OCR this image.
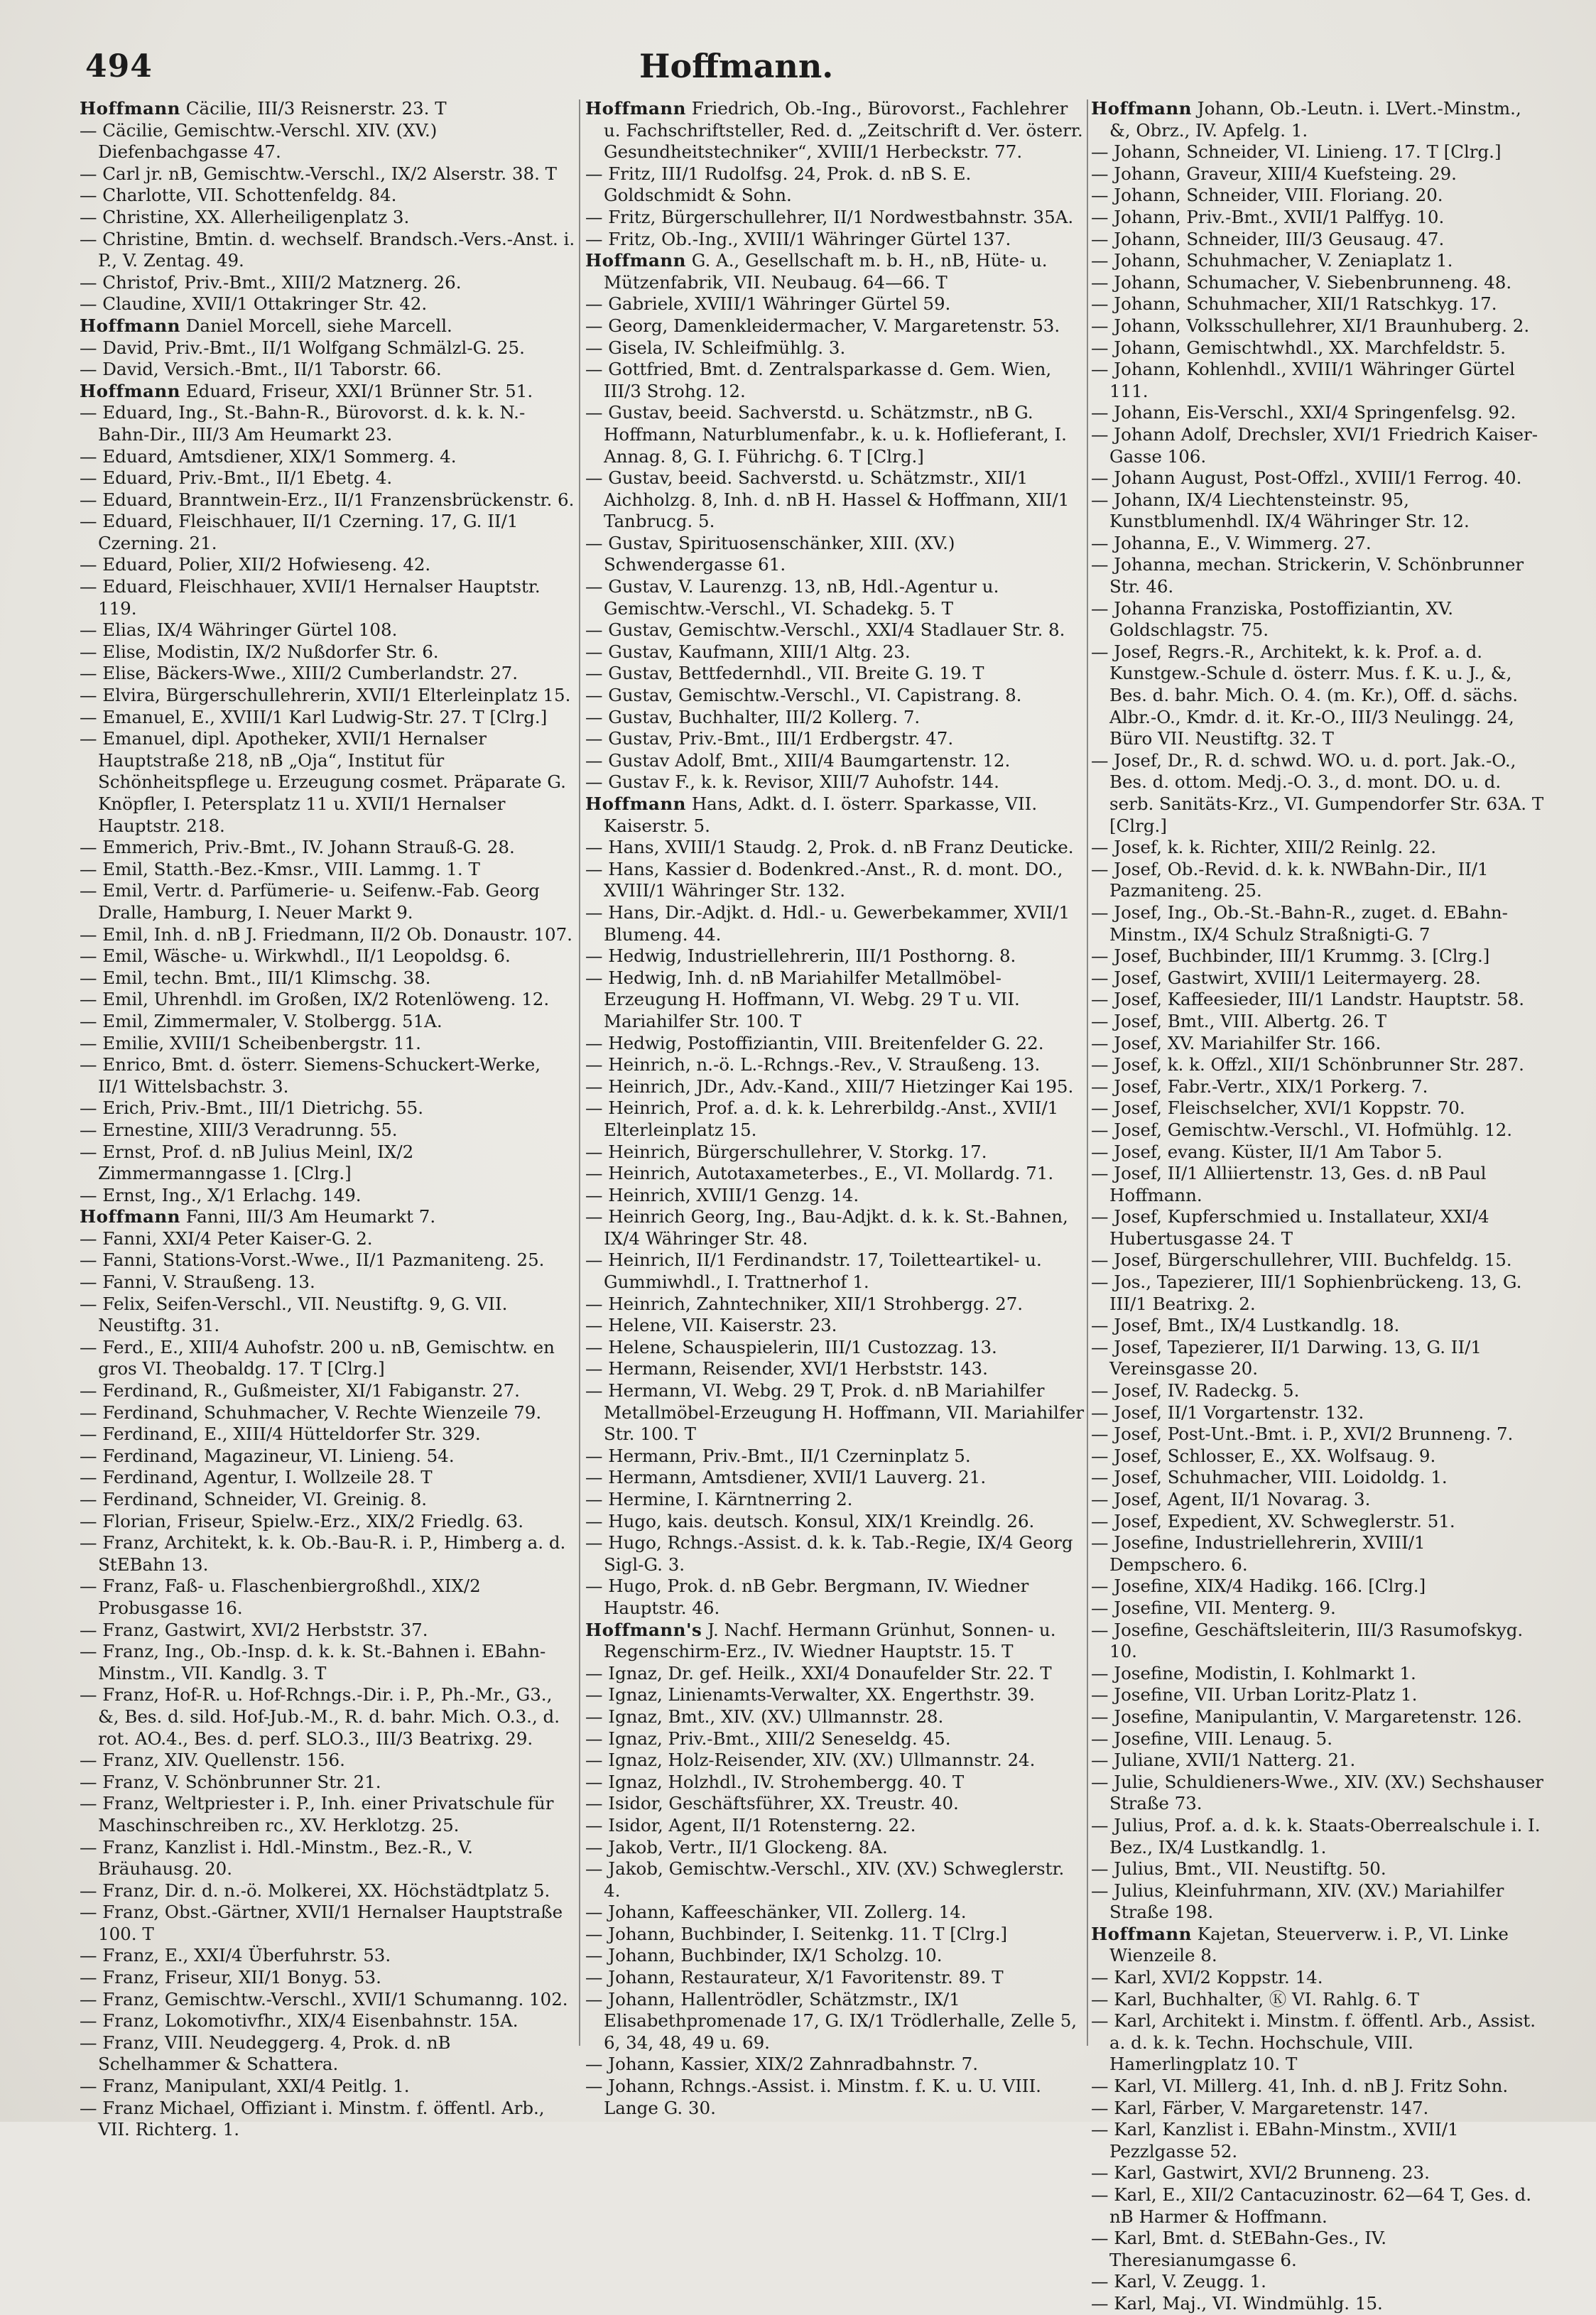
494	Hoffmann.

Hoffmann Cäcilie, III/3 Reisnerstr. 23. T

— Cäcilie, Gemischtw.-Verschl. XIV. (XV.) Diefenbachgasse 47.

— Carl jr. nB, Gemischtw.-Verschl., IX/2 Alserstr. 38. T

— Charlotte, VII. Schottenfeldg. 84.

— Christine, XX. Allerheiligenplatz 3.

— Christine, Bmtin. d. wechself. Brandsch.-Vers.-Anst. i. P., V. Zentag. 49.

— Christof, Priv.-Bmt., XIII/2 Matznerg. 26.

— Claudine, XVII/1 Ottakringer Str. 42.

Hoffmann Daniel Morcell, siehe Marcell.

— David, Priv.-Bmt., II/1 Wolfgang Schmälzl-G. 25.

— David, Versich.-Bmt., II/1 Taborstr. 66.

Hoffmann Eduard, Friseur, XXI/1 Brünner Str. 51.

— Eduard, Ing., St.-Bahn-R., Bürovorst. d. k. k. N.-Bahn-Dir., III/3 Am Heumarkt 23.

— Eduard, Amtsdiener, XIX/1 Sommerg. 4.

— Eduard, Priv.-Bmt., II/1 Ebetg. 4.

— Eduard, Branntwein-Erz., II/1 Franzensbrückenstr. 6.

— Eduard, Fleischhauer, II/1 Czerning. 17, G. II/1 Czerning. 21.

— Eduard, Polier, XII/2 Hofwieseng. 42.

— Eduard, Fleischhauer, XVII/1 Hernalser Hauptstr. 119.

— Elias, IX/4 Währinger Gürtel 108.

— Elise, Modistin, IX/2 Nußdorfer Str. 6.

— Elise, Bäckers-Wwe., XIII/2 Cumberlandstr. 27.

— Elvira, Bürgerschullehrerin, XVII/1 Elterleinplatz 15.

— Emanuel, E., XVIII/1 Karl Ludwig-Str. 27. T [Clrg.]

— Emanuel, dipl. Apotheker, XVII/1 Hernalser Hauptstraße 218, nB „Oja“, Institut für Schönheitspflege u. Erzeugung cosmet. Präparate G. Knöpfler, I. Petersplatz 11 u. XVII/1 Hernalser Hauptstr. 218.

— Emmerich, Priv.-Bmt., IV. Johann Strauß-G. 28.

— Emil, Statth.-Bez.-Kmsr., VIII. Lammg. 1. T

— Emil, Vertr. d. Parfümerie- u. Seifenw.-Fab. Georg Dralle, Hamburg, I. Neuer Markt 9.

— Emil, Inh. d. nB J. Friedmann, II/2 Ob. Donaustr. 107.

— Emil, Wäsche- u. Wirkwhdl., II/1 Leopoldsg. 6.

— Emil, techn. Bmt., III/1 Klimschg. 38.

— Emil, Uhrenhdl. im Großen, IX/2 Rotenlöweng. 12.

— Emil, Zimmermaler, V. Stolbergg. 51A.

— Emilie, XVIII/1 Scheibenbergstr. 11.

— Enrico, Bmt. d. österr. Siemens-Schuckert-Werke, II/1 Wittelsbachstr. 3.

— Erich, Priv.-Bmt., III/1 Dietrichg. 55.

— Ernestine, XIII/3 Veradrunng. 55.

— Ernst, Prof. d. nB Julius Meinl, IX/2 Zimmermanngasse 1. [Clrg.]

— Ernst, Ing., X/1 Erlachg. 149.

Hoffmann Fanni, III/3 Am Heumarkt 7.

— Fanni, XXI/4 Peter Kaiser-G. 2.

— Fanni, Stations-Vorst.-Wwe., II/1 Pazmaniteng. 25.

— Fanni, V. Straußeng. 13.

— Felix, Seifen-Verschl., VII. Neustiftg. 9, G. VII. Neustiftg. 31.

— Ferd., E., XIII/4 Auhofstr. 200 u. nB, Gemischtw. en gros VI. Theobaldg. 17. T [Clrg.]

— Ferdinand, R., Gußmeister, XI/1 Fabiganstr. 27.

— Ferdinand, Schuhmacher, V. Rechte Wienzeile 79.

— Ferdinand, E., XIII/4 Hütteldorfer Str. 329.

— Ferdinand, Magazineur, VI. Linieng. 54.

— Ferdinand, Agentur, I. Wollzeile 28. T

— Ferdinand, Schneider, VI. Greinig. 8.

— Florian, Friseur, Spielw.-Erz., XIX/2 Friedlg. 63.

— Franz, Architekt, k. k. Ob.-Bau-R. i. P., Himberg a. d. StEBahn 13.

— Franz, Faß- u. Flaschenbiergroßhdl., XIX/2 Probusgasse 16.

— Franz, Gastwirt, XVI/2 Herbststr. 37.

— Franz, Ing., Ob.-Insp. d. k. k. St.-Bahnen i. EBahn-Minstm., VII. Kandlg. 3. T

— Franz, Hof-R. u. Hof-Rchngs.-Dir. i. P., Ph.-Mr., G3., &, Bes. d. sild. Hof-Jub.-M., R. d. bahr. Mich. O.3., d. rot. AO.4., Bes. d. perf. SLO.3., III/3 Beatrixg. 29.

— Franz, XIV. Quellenstr. 156.

— Franz, V. Schönbrunner Str. 21.

— Franz, Weltpriester i. P., Inh. einer Privatschule für Maschinschreiben rc., XV. Herklotzg. 25.

— Franz, Kanzlist i. Hdl.-Minstm., Bez.-R., V. Bräuhausg. 20.

— Franz, Dir. d. n.-ö. Molkerei, XX. Höchstädtplatz 5.

— Franz, Obst.-Gärtner, XVII/1 Hernalser Hauptstraße 100. T

— Franz, E., XXI/4 Überfuhrstr. 53.

— Franz, Friseur, XII/1 Bonyg. 53.

— Franz, Gemischtw.-Verschl., XVII/1 Schumanng. 102.

— Franz, Lokomotivfhr., XIX/4 Eisenbahnstr. 15A.

— Franz, VIII. Neudeggerg. 4, Prok. d. nB Schelhammer & Schattera.

— Franz, Manipulant, XXI/4 Peitlg. 1.

— Franz Michael, Offiziant i. Minstm. f. öffentl. Arb., VII. Richterg. 1.

Hoffmann Friedrich, Ob.-Ing., Bürovorst., Fachlehrer u. Fachschriftsteller, Red. d. „Zeitschrift d. Ver. österr. Gesundheitstechniker“, XVIII/1 Herbeckstr. 77.

— Fritz, III/1 Rudolfsg. 24, Prok. d. nB S. E. Goldschmidt & Sohn.

— Fritz, Bürgerschullehrer, II/1 Nordwestbahnstr. 35A.

— Fritz, Ob.-Ing., XVIII/1 Währinger Gürtel 137.

Hoffmann G. A., Gesellschaft m. b. H., nB, Hüte- u. Mützenfabrik, VII. Neubaug. 64—66. T

— Gabriele, XVIII/1 Währinger Gürtel 59.

— Georg, Damenkleidermacher, V. Margaretenstr. 53.

— Gisela, IV. Schleifmühlg. 3.

— Gottfried, Bmt. d. Zentralsparkasse d. Gem. Wien, III/3 Strohg. 12.

— Gustav, beeid. Sachverstd. u. Schätzmstr., nB G. Hoffmann, Naturblumenfabr., k. u. k. Hoflieferant, I. Annag. 8, G. I. Führichg. 6. T [Clrg.]

— Gustav, beeid. Sachverstd. u. Schätzmstr., XII/1 Aichholzg. 8, Inh. d. nB H. Hassel & Hoffmann, XII/1 Tanbrucg. 5.

— Gustav, Spirituosenschänker, XIII. (XV.) Schwendergasse 61.

— Gustav, V. Laurenzg. 13, nB, Hdl.-Agentur u. Gemischtw.-Verschl., VI. Schadekg. 5. T

— Gustav, Gemischtw.-Verschl., XXI/4 Stadlauer Str. 8.

— Gustav, Kaufmann, XIII/1 Altg. 23.

— Gustav, Bettfedernhdl., VII. Breite G. 19. T

— Gustav, Gemischtw.-Verschl., VI. Capistrang. 8.

— Gustav, Buchhalter, III/2 Kollerg. 7.

— Gustav, Priv.-Bmt., III/1 Erdbergstr. 47.

— Gustav Adolf, Bmt., XIII/4 Baumgartenstr. 12.

— Gustav F., k. k. Revisor, XIII/7 Auhofstr. 144.

Hoffmann Hans, Adkt. d. I. österr. Sparkasse, VII. Kaiserstr. 5.

— Hans, XVIII/1 Staudg. 2, Prok. d. nB Franz Deuticke.

— Hans, Kassier d. Bodenkred.-Anst., R. d. mont. DO., XVIII/1 Währinger Str. 132.

— Hans, Dir.-Adjkt. d. Hdl.- u. Gewerbekammer, XVII/1 Blumeng. 44.

— Hedwig, Industriellehrerin, III/1 Posthorng. 8.

— Hedwig, Inh. d. nB Mariahilfer Metallmöbel-Erzeugung H. Hoffmann, VI. Webg. 29 T u. VII. Mariahilfer Str. 100. T

— Hedwig, Postoffiziantin, VIII. Breitenfelder G. 22.

— Heinrich, n.-ö. L.-Rchngs.-Rev., V. Straußeng. 13.

— Heinrich, JDr., Adv.-Kand., XIII/7 Hietzinger Kai 195.

— Heinrich, Prof. a. d. k. k. Lehrerbildg.-Anst., XVII/1 Elterleinplatz 15.

— Heinrich, Bürgerschullehrer, V. Storkg. 17.

— Heinrich, Autotaxameterbes., E., VI. Mollardg. 71.

— Heinrich, XVIII/1 Genzg. 14.

— Heinrich Georg, Ing., Bau-Adjkt. d. k. k. St.-Bahnen, IX/4 Währinger Str. 48.

— Heinrich, II/1 Ferdinandstr. 17, Toiletteartikel- u. Gummiwhdl., I. Trattnerhof 1.

— Heinrich, Zahntechniker, XII/1 Strohbergg. 27.

— Helene, VII. Kaiserstr. 23.

— Helene, Schauspielerin, III/1 Custozzag. 13.

— Hermann, Reisender, XVI/1 Herbststr. 143.

— Hermann, VI. Webg. 29 T, Prok. d. nB Mariahilfer Metallmöbel-Erzeugung H. Hoffmann, VII. Mariahilfer Str. 100. T

— Hermann, Priv.-Bmt., II/1 Czerninplatz 5.

— Hermann, Amtsdiener, XVII/1 Lauverg. 21.

— Hermine, I. Kärntnerring 2.

— Hugo, kais. deutsch. Konsul, XIX/1 Kreindlg. 26.

— Hugo, Rchngs.-Assist. d. k. k. Tab.-Regie, IX/4 Georg Sigl-G. 3.

— Hugo, Prok. d. nB Gebr. Bergmann, IV. Wiedner Hauptstr. 46.

Hoffmann's J. Nachf. Hermann Grünhut, Sonnen- u. Regenschirm-Erz., IV. Wiedner Hauptstr. 15. T

— Ignaz, Dr. gef. Heilk., XXI/4 Donaufelder Str. 22. T

— Ignaz, Linienamts-Verwalter, XX. Engerthstr. 39.

— Ignaz, Bmt., XIV. (XV.) Ullmannstr. 28.

— Ignaz, Priv.-Bmt., XIII/2 Seneseldg. 45.

— Ignaz, Holz-Reisender, XIV. (XV.) Ullmannstr. 24.

— Ignaz, Holzhdl., IV. Strohembergg. 40. T

— Isidor, Geschäftsführer, XX. Treustr. 40.

— Isidor, Agent, II/1 Rotensterng. 22.

— Jakob, Vertr., II/1 Glockeng. 8A.

— Jakob, Gemischtw.-Verschl., XIV. (XV.) Schweglerstr. 4.

— Johann, Kaffeeschänker, VII. Zollerg. 14.

— Johann, Buchbinder, I. Seitenkg. 11. T [Clrg.]

— Johann, Buchbinder, IX/1 Scholzg. 10.

— Johann, Restaurateur, X/1 Favoritenstr. 89. T

— Johann, Hallentrödler, Schätzmstr., IX/1 Elisabethpromenade 17, G. IX/1 Trödlerhalle, Zelle 5, 6, 34, 48, 49 u. 69.

— Johann, Kassier, XIX/2 Zahnradbahnstr. 7.

— Johann, Rchngs.-Assist. i. Minstm. f. K. u. U. VIII. Lange G. 30.

Hoffmann Johann, Ob.-Leutn. i. LVert.-Minstm., &, Obrz., IV. Apfelg. 1.

— Johann, Schneider, VI. Linieng. 17. T [Clrg.]

— Johann, Graveur, XIII/4 Kuefsteing. 29.

— Johann, Schneider, VIII. Floriang. 20.

— Johann, Priv.-Bmt., XVII/1 Palffyg. 10.

— Johann, Schneider, III/3 Geusaug. 47.

— Johann, Schuhmacher, V. Zeniaplatz 1.

— Johann, Schumacher, V. Siebenbrunneng. 48.

— Johann, Schuhmacher, XII/1 Ratschkyg. 17.

— Johann, Volksschullehrer, XI/1 Braunhuberg. 2.

— Johann, Gemischtwhdl., XX. Marchfeldstr. 5.

— Johann, Kohlenhdl., XVIII/1 Währinger Gürtel 111.

— Johann, Eis-Verschl., XXI/4 Springenfelsg. 92.

— Johann Adolf, Drechsler, XVI/1 Friedrich Kaiser-Gasse 106.

— Johann August, Post-Offzl., XVIII/1 Ferrog. 40.

— Johann, IX/4 Liechtensteinstr. 95, Kunstblumenhdl. IX/4 Währinger Str. 12.

— Johanna, E., V. Wimmerg. 27.

— Johanna, mechan. Strickerin, V. Schönbrunner Str. 46.

— Johanna Franziska, Postoffiziantin, XV. Goldschlagstr. 75.

— Josef, Regrs.-R., Architekt, k. k. Prof. a. d. Kunstgew.-Schule d. österr. Mus. f. K. u. J., &, Bes. d. bahr. Mich. O. 4. (m. Kr.), Off. d. sächs. Albr.-O., Kmdr. d. it. Kr.-O., III/3 Neulingg. 24, Büro VII. Neustiftg. 32. T

— Josef, Dr., R. d. schwd. WO. u. d. port. Jak.-O., Bes. d. ottom. Medj.-O. 3., d. mont. DO. u. d. serb. Sanitäts-Krz., VI. Gumpendorfer Str. 63A. T [Clrg.]

— Josef, k. k. Richter, XIII/2 Reinlg. 22.

— Josef, Ob.-Revid. d. k. k. NWBahn-Dir., II/1 Pazmaniteng. 25.

— Josef, Ing., Ob.-St.-Bahn-R., zuget. d. EBahn-Minstm., IX/4 Schulz Straßnigti-G. 7

— Josef, Buchbinder, III/1 Krummg. 3. [Clrg.]

— Josef, Gastwirt, XVIII/1 Leitermayerg. 28.

— Josef, Kaffeesieder, III/1 Landstr. Hauptstr. 58.

— Josef, Bmt., VIII. Albertg. 26. T

— Josef, XV. Mariahilfer Str. 166.

— Josef, k. k. Offzl., XII/1 Schönbrunner Str. 287.

— Josef, Fabr.-Vertr., XIX/1 Porkerg. 7.

— Josef, Fleischselcher, XVI/1 Koppstr. 70.

— Josef, Gemischtw.-Verschl., VI. Hofmühlg. 12.

— Josef, evang. Küster, II/1 Am Tabor 5.

— Josef, II/1 Alliiertenstr. 13, Ges. d. nB Paul Hoffmann.

— Josef, Kupferschmied u. Installateur, XXI/4 Hubertusgasse 24. T

— Josef, Bürgerschullehrer, VIII. Buchfeldg. 15.

— Jos., Tapezierer, III/1 Sophienbrückeng. 13, G. III/1 Beatrixg. 2.

— Josef, Bmt., IX/4 Lustkandlg. 18.

— Josef, Tapezierer, II/1 Darwing. 13, G. II/1 Vereinsgasse 20.

— Josef, IV. Radeckg. 5.

— Josef, II/1 Vorgartenstr. 132.

— Josef, Post-Unt.-Bmt. i. P., XVI/2 Brunneng. 7.

— Josef, Schlosser, E., XX. Wolfsaug. 9.

— Josef, Schuhmacher, VIII. Loidoldg. 1.

— Josef, Agent, II/1 Novarag. 3.

— Josef, Expedient, XV. Schweglerstr. 51.

— Josefine, Industriellehrerin, XVIII/1 Dempschero. 6.

— Josefine, XIX/4 Hadikg. 166. [Clrg.]

— Josefine, VII. Menterg. 9.

— Josefine, Geschäftsleiterin, III/3 Rasumofskyg. 10.

— Josefine, Modistin, I. Kohlmarkt 1.

— Josefine, VII. Urban Loritz-Platz 1.

— Josefine, Manipulantin, V. Margaretenstr. 126.

— Josefine, VIII. Lenaug. 5.

— Juliane, XVII/1 Natterg. 21.

— Julie, Schuldieners-Wwe., XIV. (XV.) Sechshauser Straße 73.

— Julius, Prof. a. d. k. k. Staats-Oberrealschule i. I. Bez., IX/4 Lustkandlg. 1.

— Julius, Bmt., VII. Neustiftg. 50.

— Julius, Kleinfuhrmann, XIV. (XV.) Mariahilfer Straße 198.

Hoffmann Kajetan, Steuerverw. i. P., VI. Linke Wienzeile 8.

— Karl, XVI/2 Koppstr. 14.

— Karl, Buchhalter, Ⓚ VI. Rahlg. 6. T

— Karl, Architekt i. Minstm. f. öffentl. Arb., Assist. a. d. k. k. Techn. Hochschule, VIII. Hamerlingplatz 10. T

— Karl, VI. Millerg. 41, Inh. d. nB J. Fritz Sohn.

— Karl, Färber, V. Margaretenstr. 147.

— Karl, Kanzlist i. EBahn-Minstm., XVII/1 Pezzlgasse 52.

— Karl, Gastwirt, XVI/2 Brunneng. 23.

— Karl, E., XII/2 Cantacuzinostr. 62—64 T, Ges. d. nB Harmer & Hoffmann.

— Karl, Bmt. d. StEBahn-Ges., IV. Theresianumgasse 6.

— Karl, V. Zeugg. 1.

— Karl, Maj., VI. Windmühlg. 15.
